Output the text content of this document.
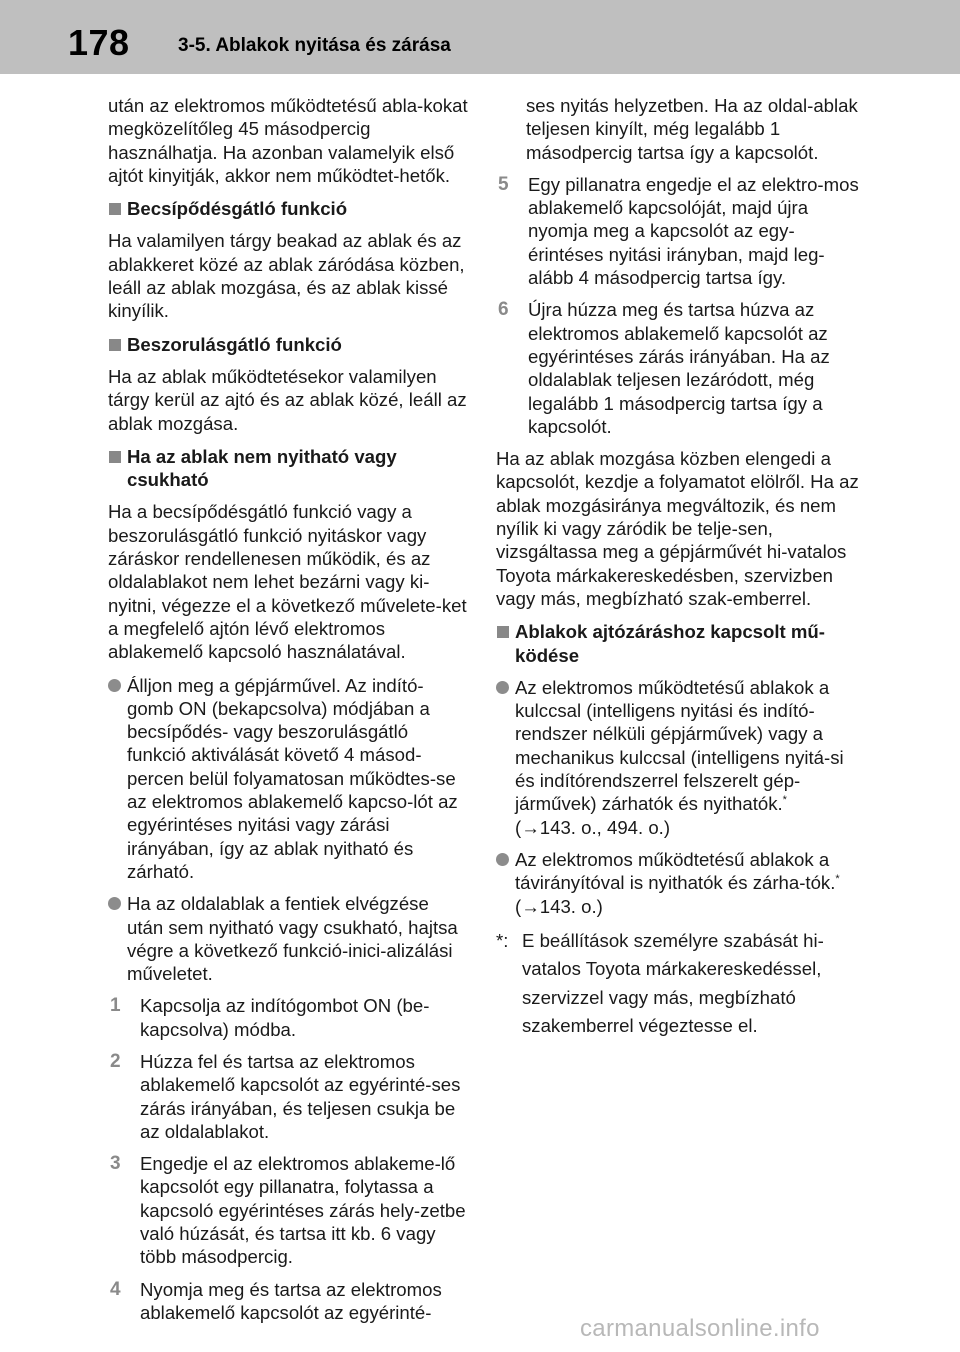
178	3-5. Ablakok nyitása és zárása

után az elektromos működtetésű abla-kokat megközelítőleg 45 másodpercig használhatja. Ha azonban valamelyik első ajtót kinyitják, akkor nem működtet-hetők.

Becsípődésgátló funkció

Ha valamilyen tárgy beakad az ablak és az ablakkeret közé az ablak záródása közben, leáll az ablak mozgása, és az ablak kissé kinyílik.

Beszorulásgátló funkció

Ha az ablak működtetésekor valamilyen tárgy kerül az ajtó és az ablak közé, leáll az ablak mozgása.

Ha az ablak nem nyitható vagy csukható

Ha a becsípődésgátló funkció vagy a beszorulásgátló funkció nyitáskor vagy záráskor rendellenesen működik, és az oldalablakot nem lehet bezárni vagy ki-nyitni, végezze el a következő művelete-ket a megfelelő ajtón lévő elektromos ablakemelő kapcsoló használatával.

Álljon meg a gépjárművel. Az indító-gomb ON (bekapcsolva) módjában a becsípődés- vagy beszorulásgátló funkció aktiválását követő 4 másod-percen belül folyamatosan működtes-se az elektromos ablakemelő kapcso-lót az egyérintéses nyitási vagy zárási irányában, így az ablak nyitható és zárható.
Ha az oldalablak a fentiek elvégzése után sem nyitható vagy csukható, hajtsa végre a következő funkció-inici-alizálási műveletet.
1	Kapcsolja az indítógombot ON (be-kapcsolva) módba.
2	Húzza fel és tartsa az elektromos ablakemelő kapcsolót az egyérinté-ses zárás irányában, és teljesen csukja be az oldalablakot.
3	Engedje el az elektromos ablakeme-lő kapcsolót egy pillanatra, folytassa a kapcsoló egyérintéses zárás hely-zetbe való húzását, és tartsa itt kb. 6 vagy több másodpercig.
4	Nyomja meg és tartsa az elektromos ablakemelő kapcsolót az egyérinté-

ses nyitás helyzetben. Ha az oldal-ablak teljesen kinyílt, még legalább 1 másodpercig tartsa így a kapcsolót.

5	Egy pillanatra engedje el az elektro-mos ablakemelő kapcsolóját, majd újra nyomja meg a kapcsolót az egy-érintéses nyitási irányban, majd leg-alább 4 másodpercig tartsa így.
6	Újra húzza meg és tartsa húzva az elektromos ablakemelő kapcsolót az egyérintéses zárás irányában. Ha az oldalablak teljesen lezáródott, még legalább 1 másodpercig tartsa így a kapcsolót.

Ha az ablak mozgása közben elengedi a kapcsolót, kezdje a folyamatot elölről. Ha az ablak mozgásiránya megváltozik, és nem nyílik ki vagy záródik be telje-sen, vizsgáltassa meg a gépjárművét hi-vatalos Toyota márkakereskedésben, szervizben vagy más, megbízható szak-emberrel.

Ablakok ajtózáráshoz kapcsolt mű-ködése
Az elektromos működtetésű ablakok a kulccsal (intelligens nyitási és indító-rendszer nélküli gépjárművek) vagy a mechanikus kulccsal (intelligens nyitá-si és indítórendszerrel felszerelt gép-járművek) zárhatók és nyithatók.*
(→143. o., 494. o.)
Az elektromos működtetésű ablakok a távirányítóval is nyithatók és zárha-tók.* (→143. o.)
*: E beállítások személyre szabását hi-vatalos Toyota márkakereskedéssel, szervizzel vagy más, megbízható szakemberrel végeztesse el.
carmanualsonline.info
